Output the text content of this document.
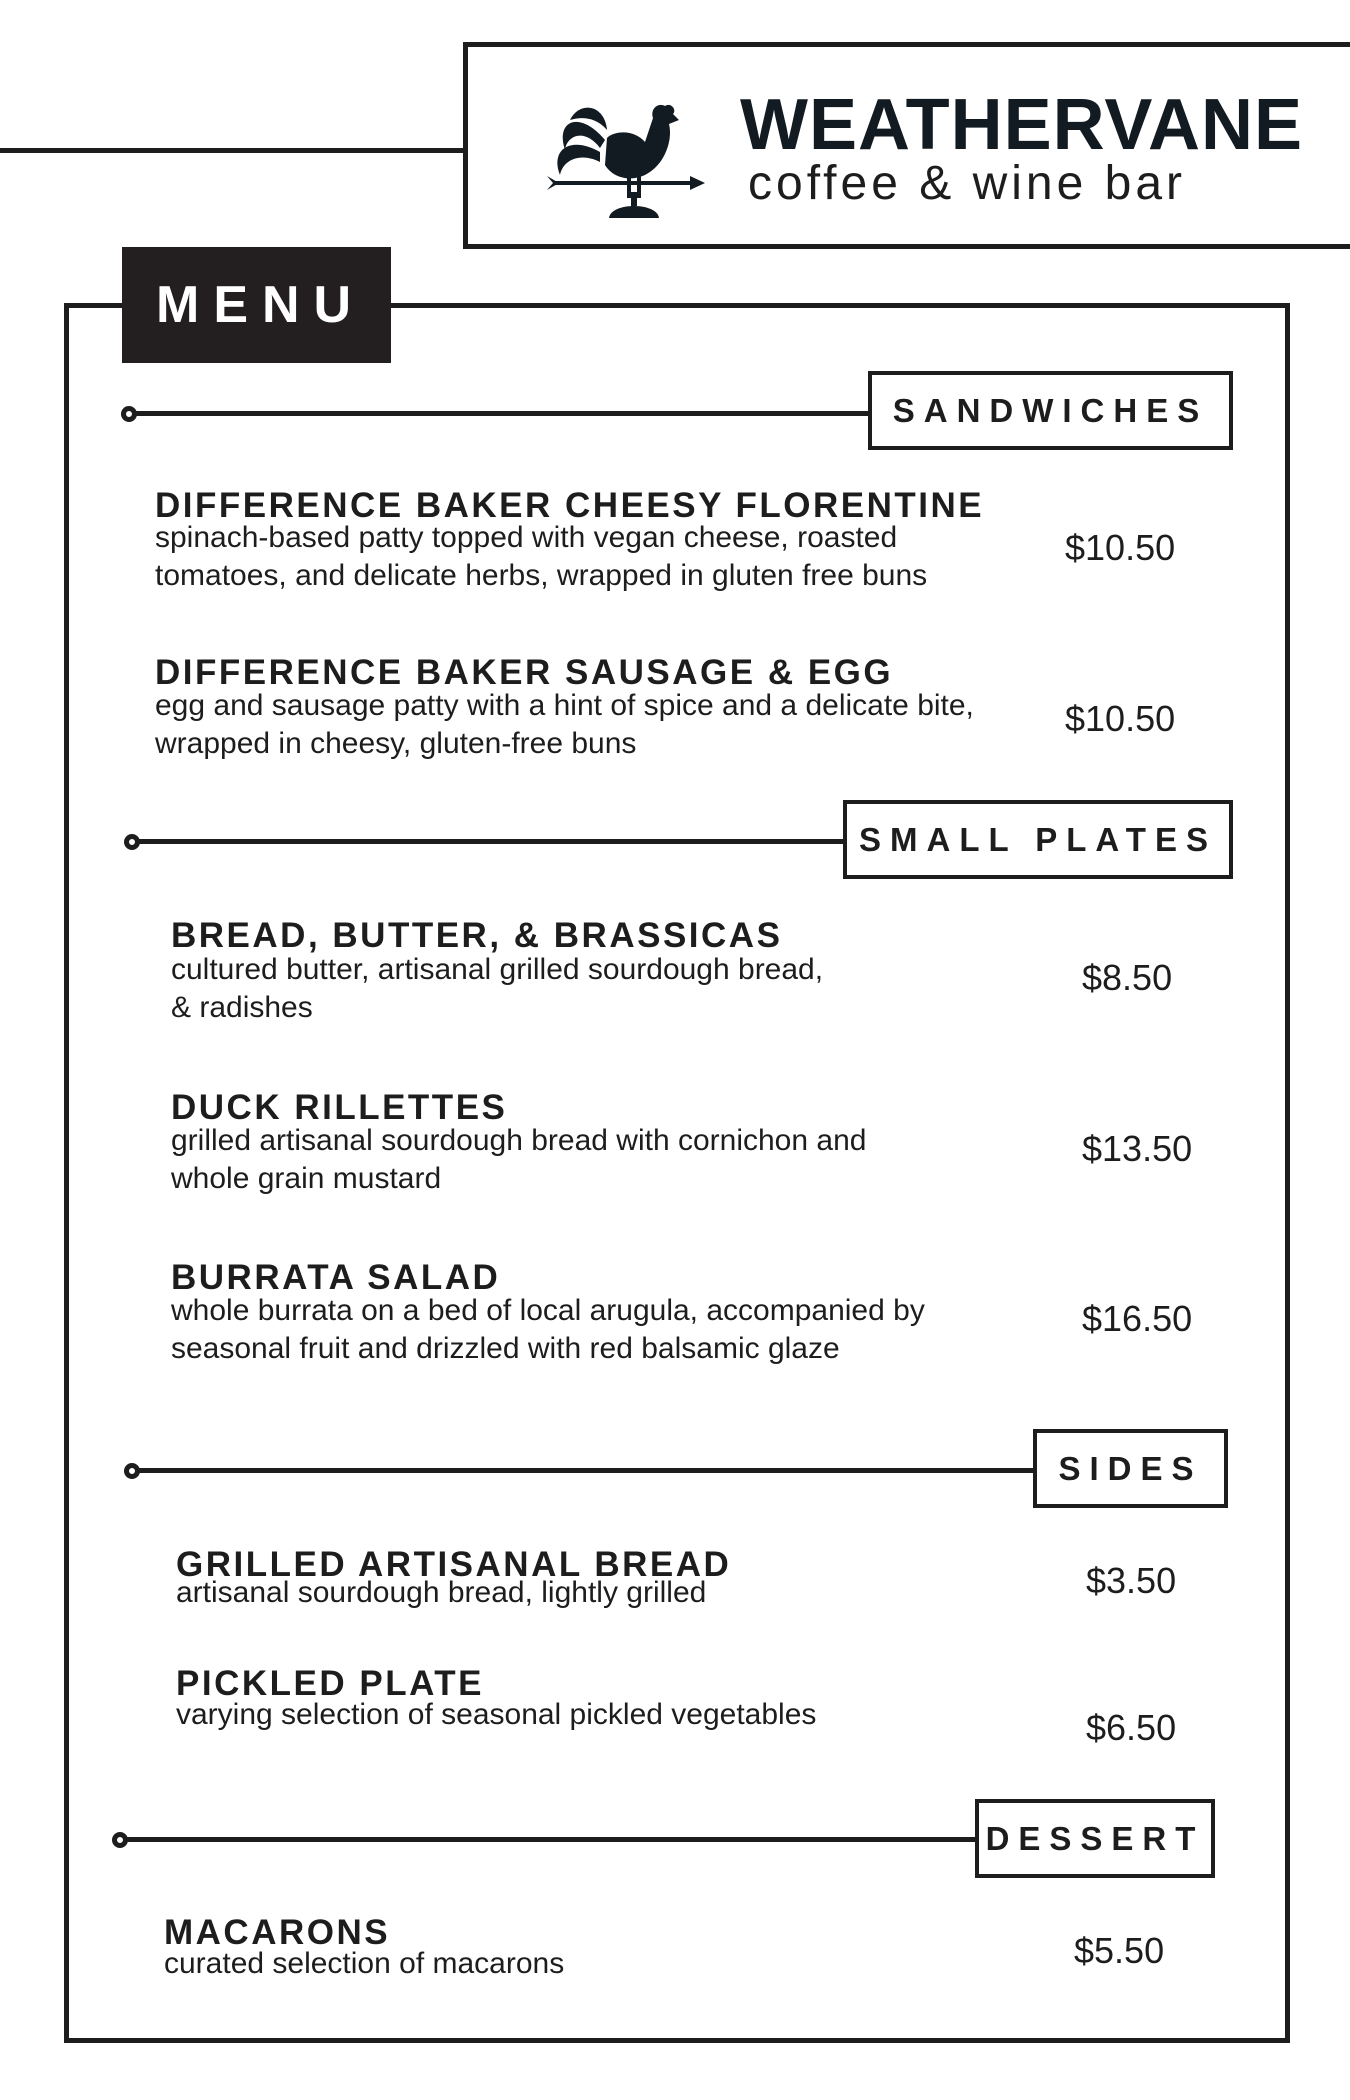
WEATHERVANE
coffee & wine bar
MENU
SANDWICHES
DIFFERENCE BAKER CHEESY FLORENTINE
spinach-based patty topped with vegan cheese, roasted
tomatoes, and delicate herbs, wrapped in gluten free buns
$10.50
DIFFERENCE BAKER SAUSAGE & EGG
egg and sausage patty with a hint of spice and a delicate bite,
wrapped in cheesy, gluten-free buns
$10.50
SMALL PLATES
BREAD, BUTTER, & BRASSICAS
cultured butter, artisanal grilled sourdough bread,
& radishes
$8.50
DUCK RILLETTES
grilled artisanal sourdough bread with cornichon and
whole grain mustard
$13.50
BURRATA SALAD
whole burrata on a bed of local arugula, accompanied by
seasonal fruit and drizzled with red balsamic glaze
$16.50
SIDES
GRILLED ARTISANAL BREAD
artisanal sourdough bread, lightly grilled	$3.50
PICKLED PLATE
varying selection of seasonal pickled vegetables	$6.50
DESSERT
MACARONS
curated selection of macarons	$5.50
